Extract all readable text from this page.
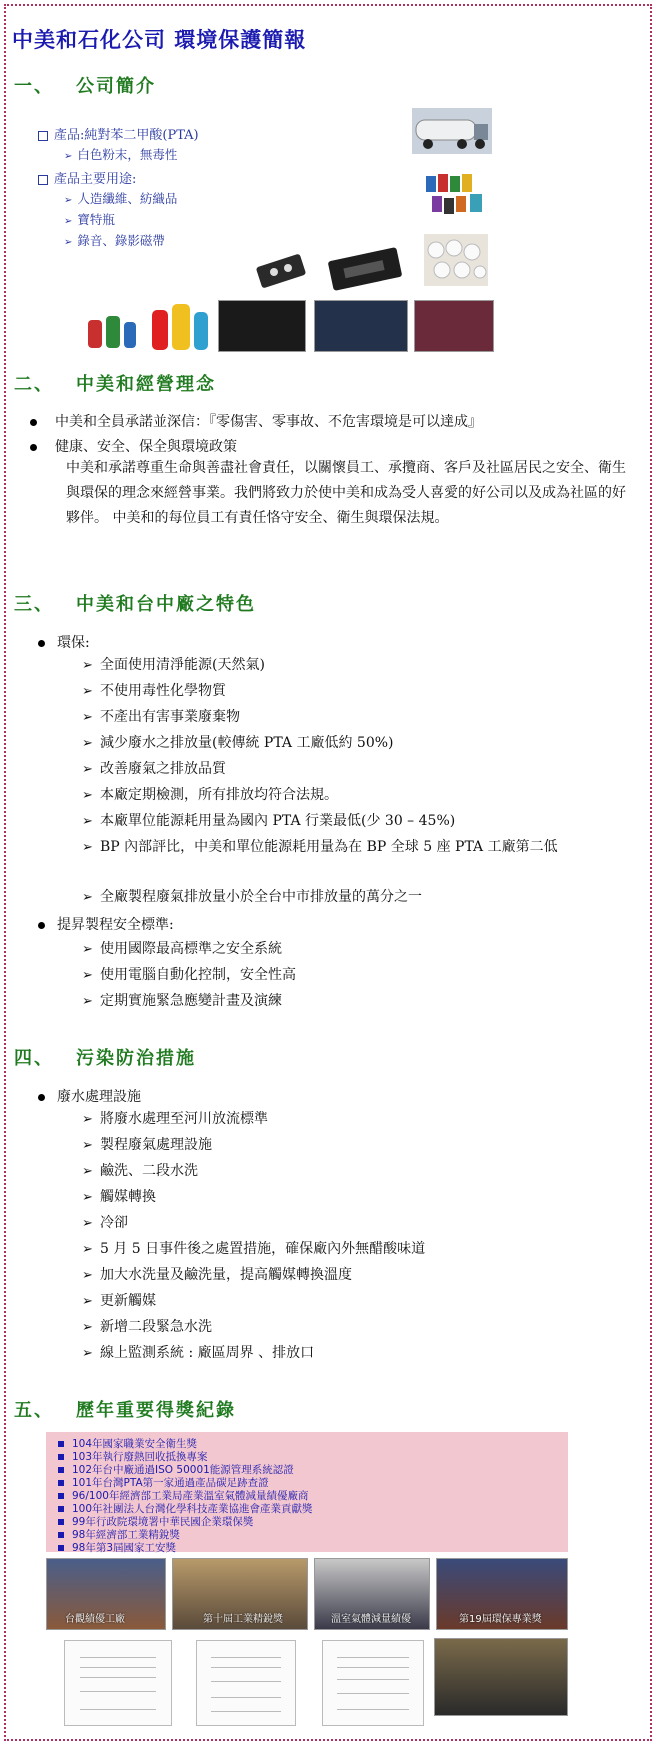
中美和石化公司 環境保護簡報
一、 公司簡介
產品:純對苯二甲酸(PTA)
➢ 白色粉末，無毒性
產品主要用途:
➢ 人造纖維、紡織品
➢ 寶特瓶
➢ 錄音、錄影磁帶
二、 中美和經營理念
中美和全員承諾並深信：『零傷害、零事故、不危害環境是可以達成』
健康、安全、保全與環境政策
中美和承諾尊重生命與善盡社會責任，以關懷員工、承攬商、客戶及社區居民之安全、衛生與環保的理念來經營事業。我們將致力於使中美和成為受人喜愛的好公司以及成為社區的好夥伴。 中美和的每位員工有責任恪守安全、衛生與環保法規。
三、 中美和台中廠之特色
環保:
➢ 全面使用清淨能源(天然氣)
➢ 不使用毒性化學物質
➢ 不產出有害事業廢棄物
➢ 減少廢水之排放量(較傳統 PTA 工廠低約 50%)
➢ 改善廢氣之排放品質
➢ 本廠定期檢測，所有排放均符合法規。
➢ 本廠單位能源耗用量為國內 PTA 行業最低(少 30 – 45%)
➢ BP 內部評比，中美和單位能源耗用量為在 BP 全球 5 座 PTA 工廠第二低
➢ 全廠製程廢氣排放量小於全台中市排放量的萬分之一
提昇製程安全標準:
➢ 使用國際最高標準之安全系統
➢ 使用電腦自動化控制，安全性高
➢ 定期實施緊急應變計畫及演練
四、 污染防治措施
廢水處理設施
➢ 將廢水處理至河川放流標準
➢ 製程廢氣處理設施
➢ 鹼洗、二段水洗
➢ 觸媒轉換
➢ 冷卻
➢ 5 月 5 日事件後之處置措施，確保廠內外無醋酸味道
➢ 加大水洗量及鹼洗量，提高觸媒轉換溫度
➢ 更新觸媒
➢ 新增二段緊急水洗
➢ 線上監測系統 : 廠區周界 、排放口
五、 歷年重要得獎紀錄
104年國家職業安全衛生獎
103年執行廢熱回收抵換專案
102年台中廠通過ISO 50001能源管理系統認證
101年台灣PTA第一家通過產品碳足跡查證
96/100年經濟部工業局產業溫室氣體減量績優廠商
100年社團法人台灣化學科技產業協進會產業貢獻獎
99年行政院環境署中華民國企業環保獎
98年經濟部工業精銳獎
98年第3屆國家工安獎
台觀績優工廠	第十屆工業精銳獎	溫室氣體減量績優	第19屆環保專業獎
